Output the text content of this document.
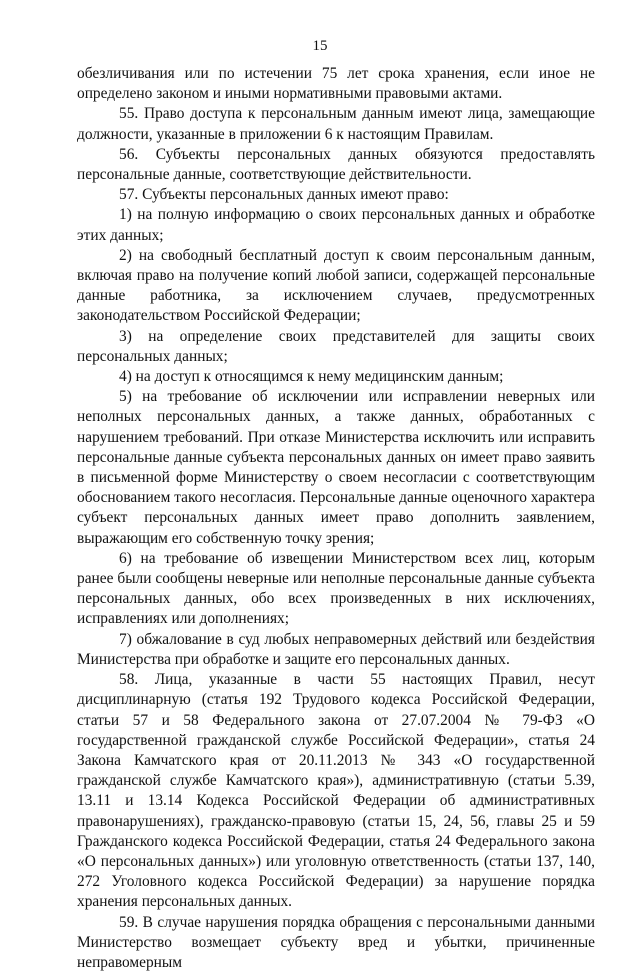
15

обезличивания или по истечении 75 лет срока хранения, если иное не определено законом и иными нормативными правовыми актами.

55. Право доступа к персональным данным имеют лица, замещающие должности, указанные в приложении 6 к настоящим Правилам.

56. Субъекты персональных данных обязуются предоставлять персональные данные, соответствующие действительности.

57. Субъекты персональных данных имеют право:

1) на полную информацию о своих персональных данных и обработке этих данных;

2) на свободный бесплатный доступ к своим персональным данным, включая право на получение копий любой записи, содержащей персональные данные работника, за исключением случаев, предусмотренных законодательством Российской Федерации;

3) на определение своих представителей для защиты своих персональных данных;

4) на доступ к относящимся к нему медицинским данным;

5) на требование об исключении или исправлении неверных или неполных персональных данных, а также данных, обработанных с нарушением требований. При отказе Министерства исключить или исправить персональные данные субъекта персональных данных он имеет право заявить в письменной форме Министерству о своем несогласии с соответствующим обоснованием такого несогласия. Персональные данные оценочного характера субъект персональных данных имеет право дополнить заявлением, выражающим его собственную точку зрения;

6) на требование об извещении Министерством всех лиц, которым ранее были сообщены неверные или неполные персональные данные субъекта персональных данных, обо всех произведенных в них исключениях, исправлениях или дополнениях;

7) обжалование в суд любых неправомерных действий или бездействия Министерства при обработке и защите его персональных данных.

58. Лица, указанные в части 55 настоящих Правил, несут дисциплинарную (статья 192 Трудового кодекса Российской Федерации, статьи 57 и 58 Федерального закона от 27.07.2004 № 79-ФЗ «О государственной гражданской службе Российской Федерации», статья 24 Закона Камчатского края от 20.11.2013 № 343 «О государственной гражданской службе Камчатского края»), административную (статьи 5.39, 13.11 и 13.14 Кодекса Российской Федерации об административных правонарушениях), гражданско-правовую (статьи 15, 24, 56, главы 25 и 59 Гражданского кодекса Российской Федерации, статья 24 Федерального закона «О персональных данных») или уголовную ответственность (статьи 137, 140, 272 Уголовного кодекса Российской Федерации) за нарушение порядка хранения персональных данных.

59. В случае нарушения порядка обращения с персональными данными Министерство возмещает субъекту вред и убытки, причиненные неправомерным
